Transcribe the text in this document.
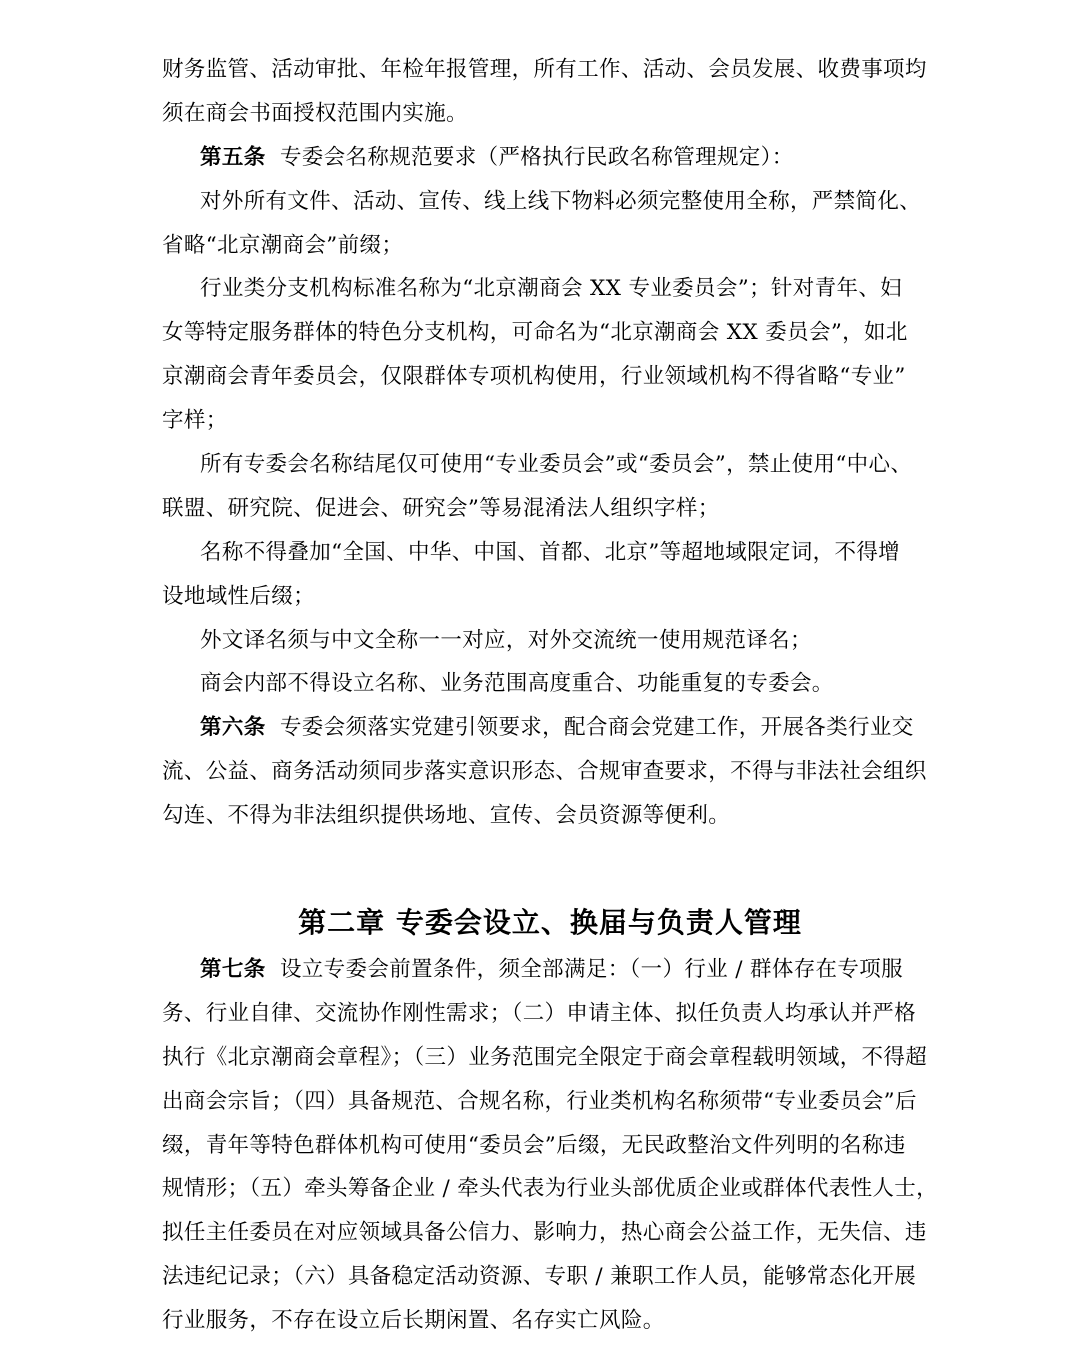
财务监管、活动审批、年检年报管理，所有工作、活动、会员发展、收费事项均
须在商会书面授权范围内实施。
第五条 专委会名称规范要求（严格执行民政名称管理规定）：
对外所有文件、活动、宣传、线上线下物料必须完整使用全称，严禁简化、
省略“北京潮商会”前缀；
行业类分支机构标准名称为“北京潮商会 XX 专业委员会”；针对青年、妇
女等特定服务群体的特色分支机构，可命名为“北京潮商会 XX 委员会”，如北
京潮商会青年委员会，仅限群体专项机构使用，行业领域机构不得省略“专业”
字样；
所有专委会名称结尾仅可使用“专业委员会”或“委员会”，禁止使用“中心、
联盟、研究院、促进会、研究会”等易混淆法人组织字样；
名称不得叠加“全国、中华、中国、首都、北京”等超地域限定词，不得增
设地域性后缀；
外文译名须与中文全称一一对应，对外交流统一使用规范译名；
商会内部不得设立名称、业务范围高度重合、功能重复的专委会。
第六条 专委会须落实党建引领要求，配合商会党建工作，开展各类行业交
流、公益、商务活动须同步落实意识形态、合规审查要求，不得与非法社会组织
勾连、不得为非法组织提供场地、宣传、会员资源等便利。
第二章 专委会设立、换届与负责人管理
第七条 设立专委会前置条件，须全部满足：（一）行业 / 群体存在专项服
务、行业自律、交流协作刚性需求；（二）申请主体、拟任负责人均承认并严格
执行《北京潮商会章程》；（三）业务范围完全限定于商会章程载明领域，不得超
出商会宗旨；（四）具备规范、合规名称，行业类机构名称须带“专业委员会”后
缀，青年等特色群体机构可使用“委员会”后缀，无民政整治文件列明的名称违
规情形；（五）牵头筹备企业 / 牵头代表为行业头部优质企业或群体代表性人士，
拟任主任委员在对应领域具备公信力、影响力，热心商会公益工作，无失信、违
法违纪记录；（六）具备稳定活动资源、专职 / 兼职工作人员，能够常态化开展
行业服务，不存在设立后长期闲置、名存实亡风险。
